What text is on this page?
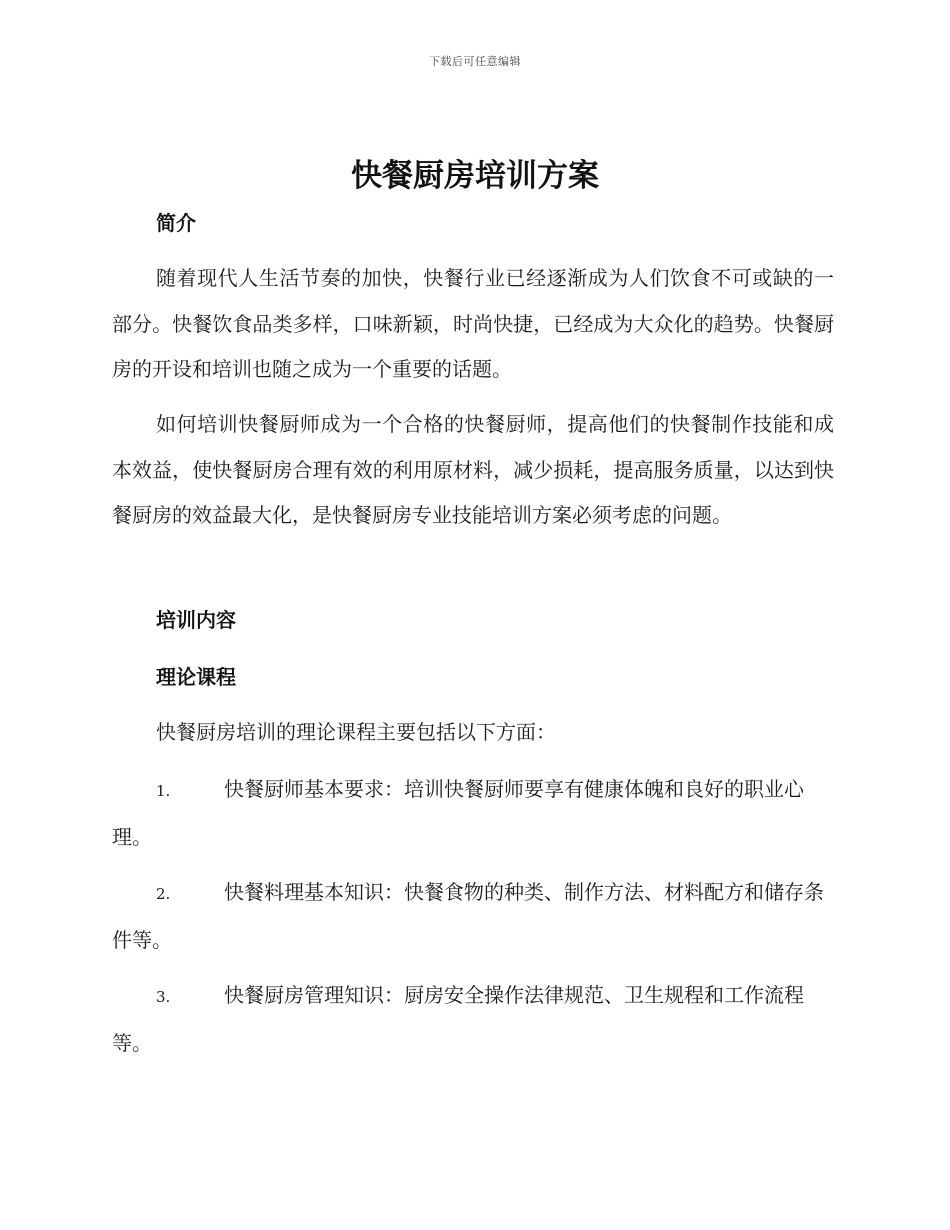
下载后可任意编辑
快餐厨房培训方案
简介
随着现代人生活节奏的加快，快餐行业已经逐渐成为人们饮食不可或缺的一部分。快餐饮食品类多样，口味新颖，时尚快捷，已经成为大众化的趋势。快餐厨房的开设和培训也随之成为一个重要的话题。
如何培训快餐厨师成为一个合格的快餐厨师，提高他们的快餐制作技能和成本效益，使快餐厨房合理有效的利用原材料，减少损耗，提高服务质量，以达到快餐厨房的效益最大化，是快餐厨房专业技能培训方案必须考虑的问题。
培训内容
理论课程
快餐厨房培训的理论课程主要包括以下方面：
1.	快餐厨师基本要求：培训快餐厨师要享有健康体魄和良好的职业心理。
2.	快餐料理基本知识：快餐食物的种类、制作方法、材料配方和储存条件等。
3.	快餐厨房管理知识：厨房安全操作法律规范、卫生规程和工作流程等。
